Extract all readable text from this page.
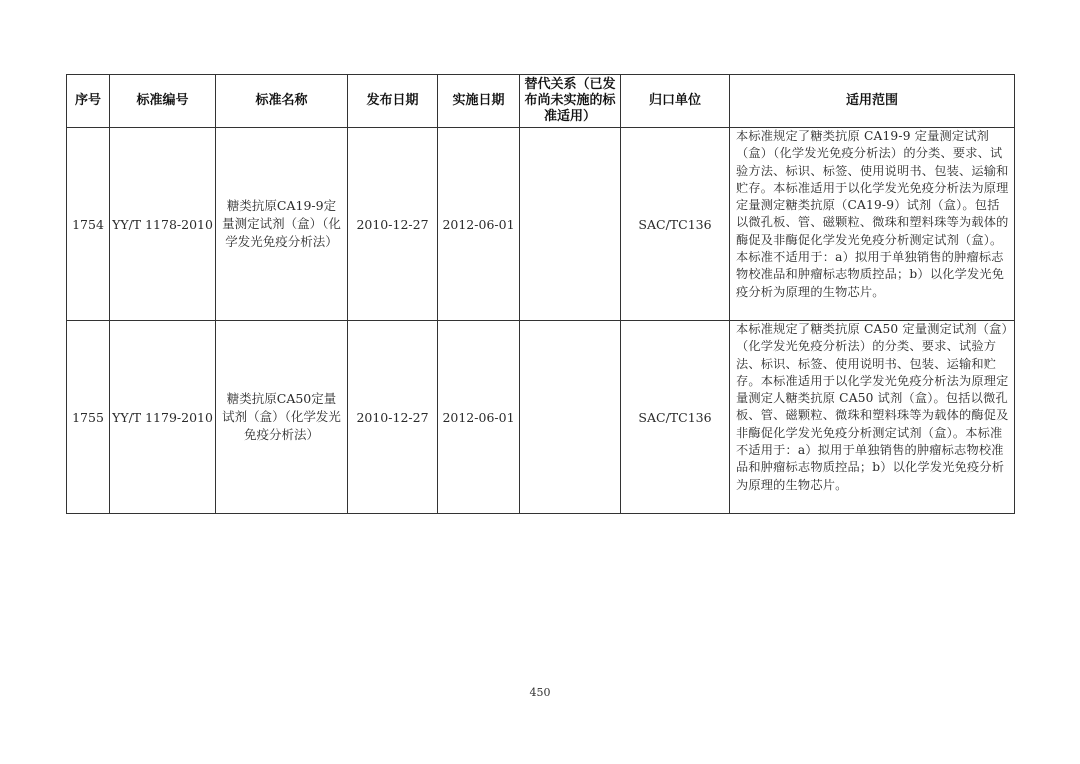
序号	标准编号	标准名称	发布日期	实施日期	替代关系（已发布尚未实施的标准适用）	归口单位	适用范围
1754	YY/T 1178-2010	糖类抗原CA19-9定量测定试剂（盒）（化学发光免疫分析法）	2010-12-27	2012-06-01		SAC/TC136	本标准规定了糖类抗原 CA19-9 定量测定试剂（盒）（化学发光免疫分析法）的分类、要求、试验方法、标识、标签、使用说明书、包装、运输和贮存。本标准适用于以化学发光免疫分析法为原理定量测定糖类抗原（CA19-9）试剂（盒）。包括以微孔板、管、磁颗粒、微珠和塑料珠等为载体的酶促及非酶促化学发光免疫分析测定试剂（盒）。本标准不适用于：a）拟用于单独销售的肿瘤标志物校准品和肿瘤标志物质控品；b）以化学发光免疫分析为原理的生物芯片。
1755	YY/T 1179-2010	糖类抗原CA50定量试剂（盒）（化学发光免疫分析法）	2010-12-27	2012-06-01		SAC/TC136	本标准规定了糖类抗原 CA50 定量测定试剂（盒）（化学发光免疫分析法）的分类、要求、试验方法、标识、标签、使用说明书、包装、运输和贮存。本标准适用于以化学发光免疫分析法为原理定量测定人糖类抗原 CA50 试剂（盒）。包括以微孔板、管、磁颗粒、微珠和塑料珠等为载体的酶促及非酶促化学发光免疫分析测定试剂（盒）。本标准不适用于：a）拟用于单独销售的肿瘤标志物校准品和肿瘤标志物质控品；b）以化学发光免疫分析为原理的生物芯片。
450
